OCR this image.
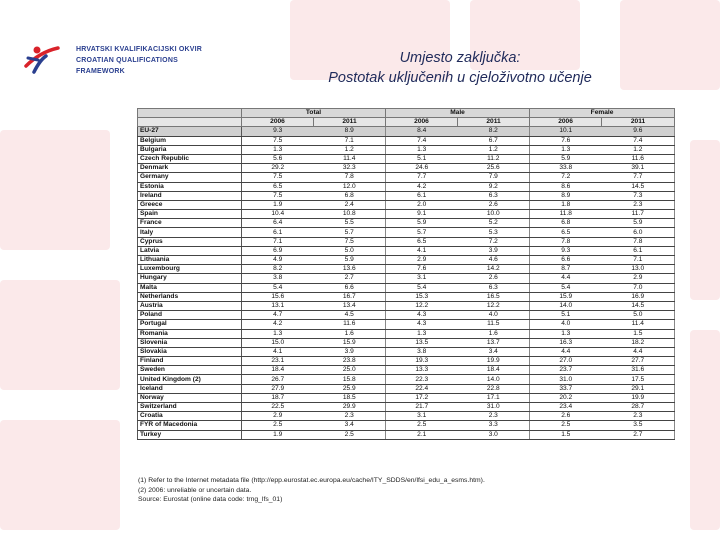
HRVATSKI KVALIFIKACIJSKI OKVIR
CROATIAN QUALIFICATIONS FRAMEWORK
Umjesto zaključka:
Postotak uključenih u cjeloživotno učenje
	Total		Male		Female	
	2006	2011	2006	2011	2006	2011
EU-27	9.3	8.9	8.4	8.2	10.1	9.6
Belgium	7.5	7.1	7.4	6.7	7.6	7.4
Bulgaria	1.3	1.2	1.3	1.2	1.3	1.2
Czech Republic	5.6	11.4	5.1	11.2	5.9	11.6
Denmark	29.2	32.3	24.6	25.6	33.8	39.1
Germany	7.5	7.8	7.7	7.9	7.2	7.7
Estonia	6.5	12.0	4.2	9.2	8.6	14.5
Ireland	7.5	6.8	6.1	6.3	8.9	7.3
Greece	1.9	2.4	2.0	2.6	1.8	2.3
Spain	10.4	10.8	9.1	10.0	11.8	11.7
France	6.4	5.5	5.9	5.2	6.8	5.9
Italy	6.1	5.7	5.7	5.3	6.5	6.0
Cyprus	7.1	7.5	6.5	7.2	7.8	7.8
Latvia	6.9	5.0	4.1	3.9	9.3	6.1
Lithuania	4.9	5.9	2.9	4.6	6.6	7.1
Luxembourg	8.2	13.6	7.6	14.2	8.7	13.0
Hungary	3.8	2.7	3.1	2.6	4.4	2.9
Malta	5.4	6.6	5.4	6.3	5.4	7.0
Netherlands	15.6	16.7	15.3	16.5	15.9	16.9
Austria	13.1	13.4	12.2	12.2	14.0	14.5
Poland	4.7	4.5	4.3	4.0	5.1	5.0
Portugal	4.2	11.6	4.3	11.5	4.0	11.4
Romania	1.3	1.6	1.3	1.6	1.3	1.5
Slovenia	15.0	15.9	13.5	13.7	16.3	18.2
Slovakia	4.1	3.9	3.8	3.4	4.4	4.4
Finland	23.1	23.8	19.3	19.9	27.0	27.7
Sweden	18.4	25.0	13.3	18.4	23.7	31.6
United Kingdom (2)	26.7	15.8	22.3	14.0	31.0	17.5
Iceland	27.9	25.9	22.4	22.8	33.7	29.1
Norway	18.7	18.5	17.2	17.1	20.2	19.9
Switzerland	22.5	29.9	21.7	31.0	23.4	28.7
Croatia	2.9	2.3	3.1	2.3	2.6	2.3
FYR of Macedonia	2.5	3.4	2.5	3.3	2.5	3.5
Turkey	1.9	2.5	2.1	3.0	1.5	2.7
(1) Refer to the Internet metadata file (http://epp.eurostat.ec.europa.eu/cache/ITY_SDDS/en/lfsi_edu_a_esms.htm).
(2) 2006: unreliable or uncertain data.
Source: Eurostat (online data code: trng_lfs_01)
